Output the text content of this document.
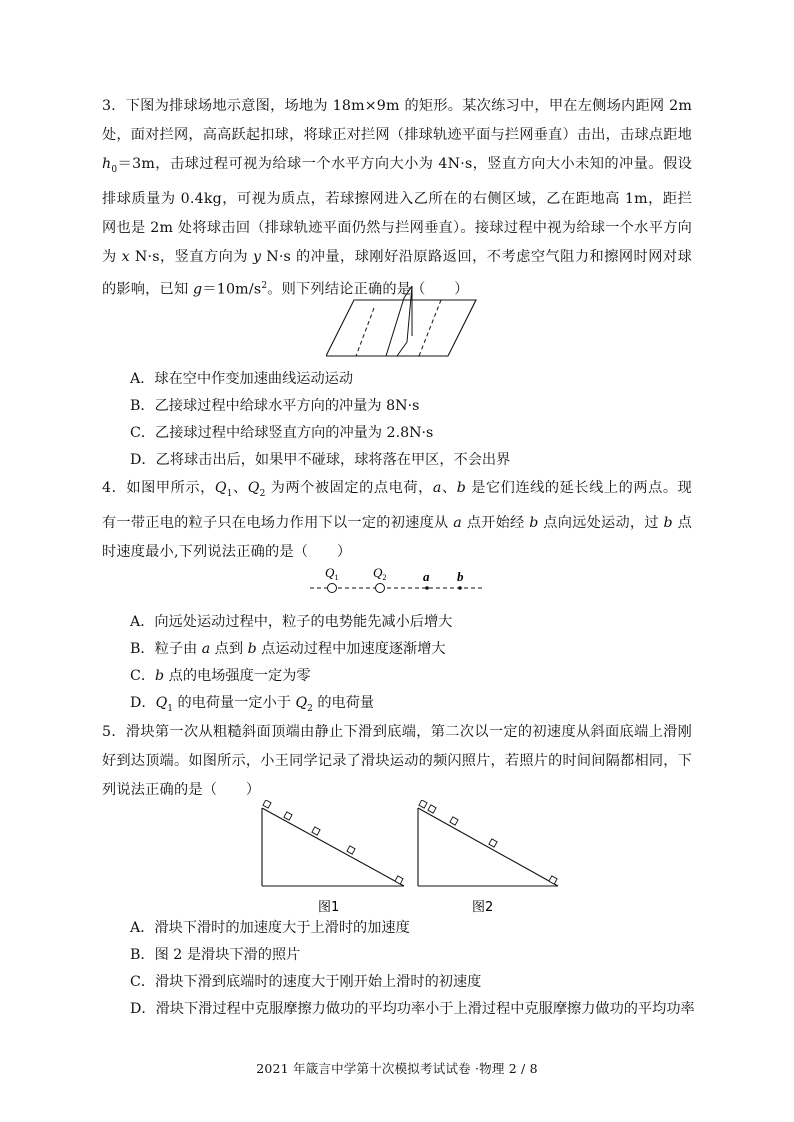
3．下图为排球场地示意图，场地为 18m×9m 的矩形。某次练习中，甲在左侧场内距网 2m 处，面对拦网，高高跃起扣球，将球正对拦网（排球轨迹平面与拦网垂直）击出，击球点距地 $h_0=3m$，击球过程可视为给球一个水平方向大小为 4N·s，竖直方向大小未知的冲量。假设排球质量为 0.4kg，可视为质点，若球擦网进入乙所在的右侧区域，乙在距地高 1m，距拦网也是 2m 处将球击回（排球轨迹平面仍然与拦网垂直）。接球过程中视为给球一个水平方向为 x N·s，竖直方向为 y N·s 的冲量，球刚好沿原路返回，不考虑空气阻力和擦网时网对球的影响，已知 $g=10m/s^2$。则下列结论正确的是（　　）
A．球在空中作变加速曲线运动运动
B．乙接球过程中给球水平方向的冲量为 8N·s
C．乙接球过程中给球竖直方向的冲量为 2.8N·s
D．乙将球击出后，如果甲不碰球，球将落在甲区，不会出界
4．如图甲所示，$Q_1$、$Q_2$ 为两个被固定的点电荷，a、b 是它们连线的延长线上的两点。现有一带正电的粒子只在电场力作用下以一定的初速度从 a 点开始经 b 点向远处运动，过 b 点时速度最小,下列说法正确的是（　　）
$Q_1$	$Q_2$	a b
A．向远处运动过程中，粒子的电势能先减小后增大
B．粒子由 a 点到 b 点运动过程中加速度逐渐增大
C．b 点的电场强度一定为零
D．$Q_1$ 的电荷量一定小于 $Q_2$ 的电荷量
5．滑块第一次从粗糙斜面顶端由静止下滑到底端，第二次以一定的初速度从斜面底端上滑刚好到达顶端。如图所示，小王同学记录了滑块运动的频闪照片，若照片的时间间隔都相同，下列说法正确的是（　　）
图1	图2
A．滑块下滑时的加速度大于上滑时的加速度
B．图 2 是滑块下滑的照片
C．滑块下滑到底端时的速度大于刚开始上滑时的初速度
D．滑块下滑过程中克服摩擦力做功的平均功率小于上滑过程中克服摩擦力做功的平均功率
2021 年箴言中学第十次模拟考试试卷 ·物理 2 / 8
